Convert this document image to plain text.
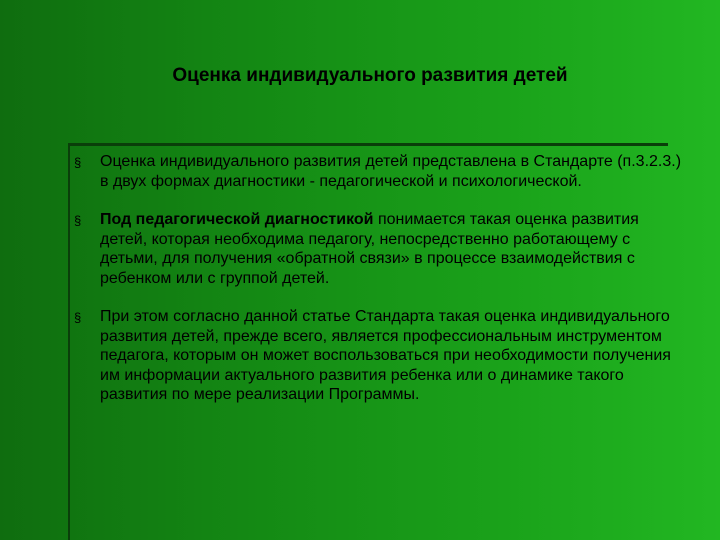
Оценка индивидуального развития детей
§ Оценка индивидуального развития детей представлена в Стандарте (п.3.2.3.) в двух формах диагностики - педагогической и психологической.
§ Под педагогической диагностикой понимается такая оценка развития детей, которая необходима педагогу, непосредственно работающему с детьми, для получения «обратной связи» в процессе взаимодействия с ребенком или с группой детей.
§ При этом согласно данной статье Стандарта такая оценка индивидуального развития детей, прежде всего, является профессиональным инструментом педагога, которым он может воспользоваться при необходимости получения им информации актуального развития ребенка или о динамике такого развития по мере реализации Программы.
